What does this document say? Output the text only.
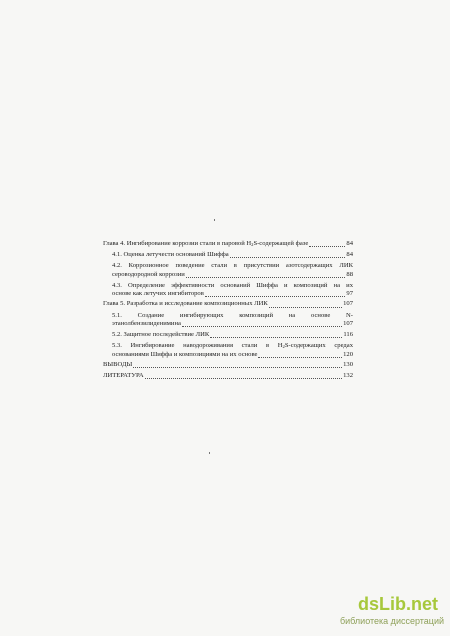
Глава 4. Ингибирование коррозии стали в паровой $H_2S$-содержащей фазе	84
4.1. Оценка летучести оснований Шиффа	84
4.2. Коррозионное поведение стали в присутствии азотсодержащих ЛИК
сероводородной коррозии	88
4.3. Определение эффективности оснований Шиффа и композиций на их
основе как летучих ингибиторов	97
Глава 5. Разработка и исследование композиционных ЛИК	107
5.1. Создание ингибирующих композиций на основе N-
этанолбензилиденимина	107
5.2. Защитное последействие ЛИК	116
5.3. Ингибирование наводороживания стали в $H_2S$-содержащих средах
основаниями Шиффа и композициями на их основе	120
ВЫВОДЫ	130
ЛИТЕРАТУРА	132
dsLib.net
библиотека диссертаций
